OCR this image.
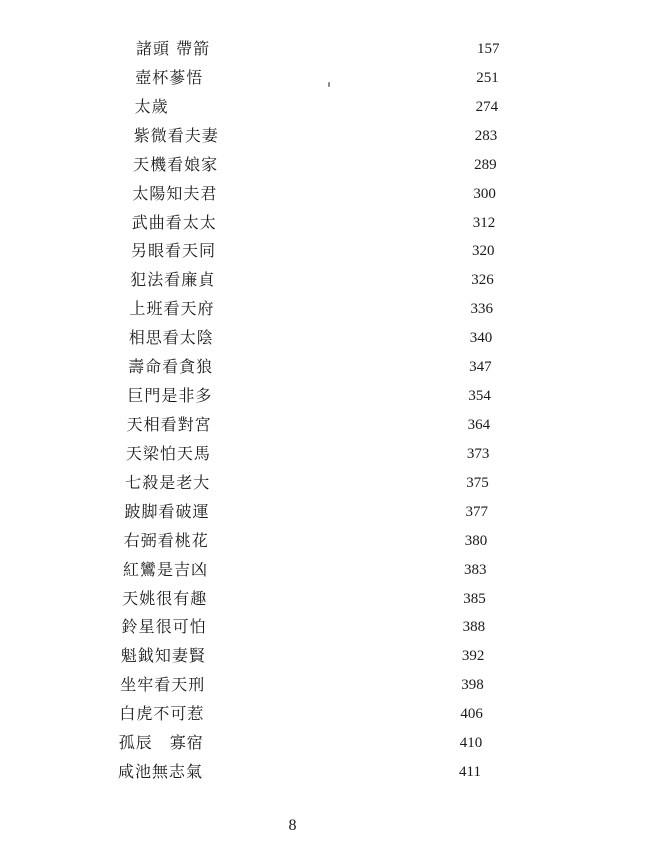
諸頭 帶箭	157
壺杯蔘悟	251
太歲	274
紫微看夫妻	283
天機看娘家	289
太陽知夫君	300
武曲看太太	312
另眼看天同	320
犯法看廉貞	326
上班看天府	336
相思看太陰	340
壽命看貪狼	347
巨門是非多	354
天相看對宮	364
天梁怕天馬	373
七殺是老大	375
跛脚看破運	377
右弼看桃花	380
紅鸞是吉凶	383
天姚很有趣	385
鈴星很可怕	388
魁鉞知妻賢	392
坐牢看天刑	398
白虎不可惹	406
孤辰　寡宿	410
咸池無志氣	411
8
